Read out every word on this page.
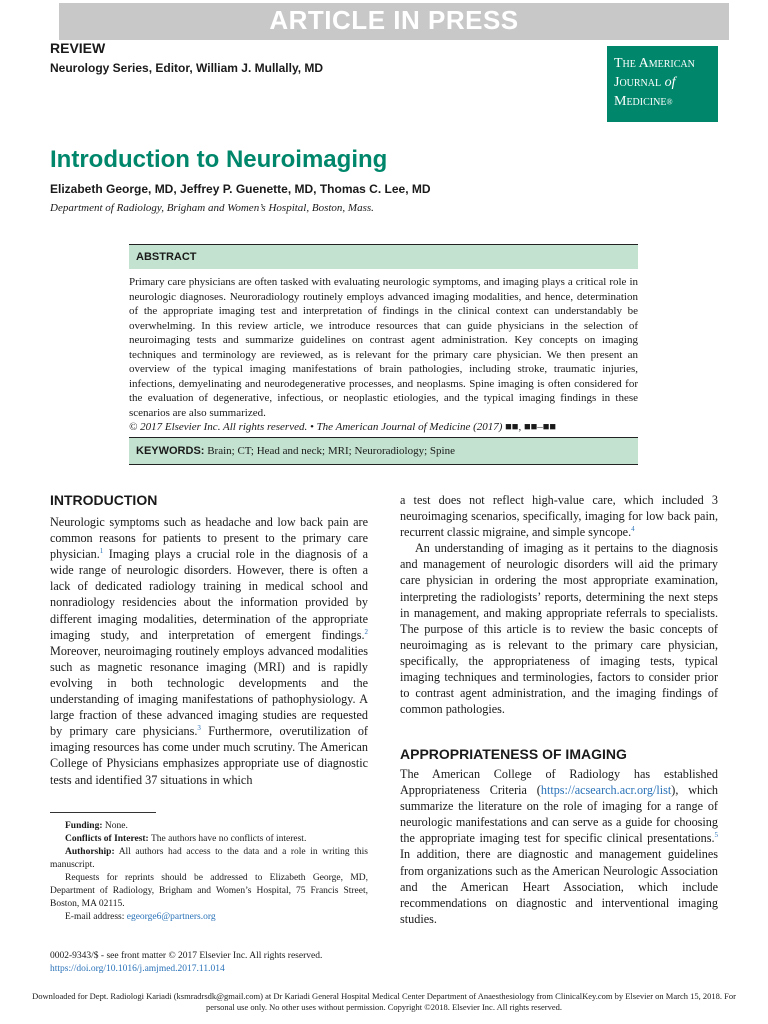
ARTICLE IN PRESS
REVIEW
Neurology Series, Editor, William J. Mullally, MD	The American
Journal of
Medicine®
Introduction to Neuroimaging
Elizabeth George, MD, Jeffrey P. Guenette, MD, Thomas C. Lee, MD
Department of Radiology, Brigham and Women’s Hospital, Boston, Mass.
ABSTRACT

Primary care physicians are often tasked with evaluating neurologic symptoms, and imaging plays a critical role in neurologic diagnoses. Neuroradiology routinely employs advanced imaging modalities, and hence, determination of the appropriate imaging test and interpretation of findings in the clinical context can understandably be overwhelming. In this review article, we introduce resources that can guide physicians in the selection of neuroimaging tests and summarize guidelines on contrast agent administration. Key concepts on imaging techniques and terminology are reviewed, as is relevant for the primary care physician. We then present an overview of the typical imaging manifestations of brain pathologies, including stroke, traumatic injuries, infections, demyelinating and neurodegenerative processes, and neoplasms. Spine imaging is often considered for the evaluation of degenerative, infectious, or neoplastic etiologies, and the typical imaging findings in these scenarios are also summarized.

© 2017 Elsevier Inc. All rights reserved. • The American Journal of Medicine (2017) ■■, ■■–■■
KEYWORDS: Brain; CT; Head and neck; MRI; Neuroradiology; Spine
INTRODUCTION

Neurologic symptoms such as headache and low back pain are common reasons for patients to present to the primary care physician.$^1$ Imaging plays a crucial role in the diagnosis of a wide range of neurologic disorders. However, there is often a lack of dedicated radiology training in medical school and nonradiology residencies about the information provided by different imaging modalities, determination of the appropriate imaging study, and interpretation of emergent findings.$^2$ Moreover, neuroimaging routinely employs advanced modalities such as magnetic resonance imaging (MRI) and is rapidly evolving in both technologic developments and the understanding of imaging manifestations of pathophysiology. A large fraction of these advanced imaging studies are requested by primary care physicians.$^3$ Furthermore, overutilization of imaging resources has come under much scrutiny. The American College of Physicians emphasizes appropriate use of diagnostic tests and identified 37 situations in which

a test does not reflect high-value care, which included 3 neuroimaging scenarios, specifically, imaging for low back pain, recurrent classic migraine, and simple syncope.$^4$

An understanding of imaging as it pertains to the diagnosis and management of neurologic disorders will aid the primary care physician in ordering the most appropriate examination, interpreting the radiologists’ reports, determining the next steps in management, and making appropriate referrals to specialists. The purpose of this article is to review the basic concepts of neuroimaging as is relevant to the primary care physician, specifically, the appropriateness of imaging tests, typical imaging techniques and terminologies, factors to consider prior to contrast agent administration, and the imaging findings of common pathologies.

APPROPRIATENESS OF IMAGING

The American College of Radiology has established Appropriateness Criteria (https://acsearch.acr.org/list), which summarize the literature on the role of imaging for a range of neurologic manifestations and can serve as a guide for choosing the appropriate imaging test for specific clinical presentations.$^5$ In addition, there are diagnostic and management guidelines from organizations such as the American Neurologic Association and the American Heart Association, which include recommendations on diagnostic and interventional imaging studies.

Funding: None.

Conflicts of Interest: The authors have no conflicts of interest.

Authorship: All authors had access to the data and a role in writing this manuscript.

Requests for reprints should be addressed to Elizabeth George, MD, Department of Radiology, Brigham and Women’s Hospital, 75 Francis Street, Boston, MA 02115.

E-mail address: egeorge6@partners.org

0002-9343/$ - see front matter © 2017 Elsevier Inc. All rights reserved.
https://doi.org/10.1016/j.amjmed.2017.11.014
Downloaded for Dept. Radiologi Kariadi (ksmradrsdk@gmail.com) at Dr Kariadi General Hospital Medical Center Department of Anaesthesiology from ClinicalKey.com by Elsevier on March 15, 2018. For personal use only. No other uses without permission. Copyright ©2018. Elsevier Inc. All rights reserved.
